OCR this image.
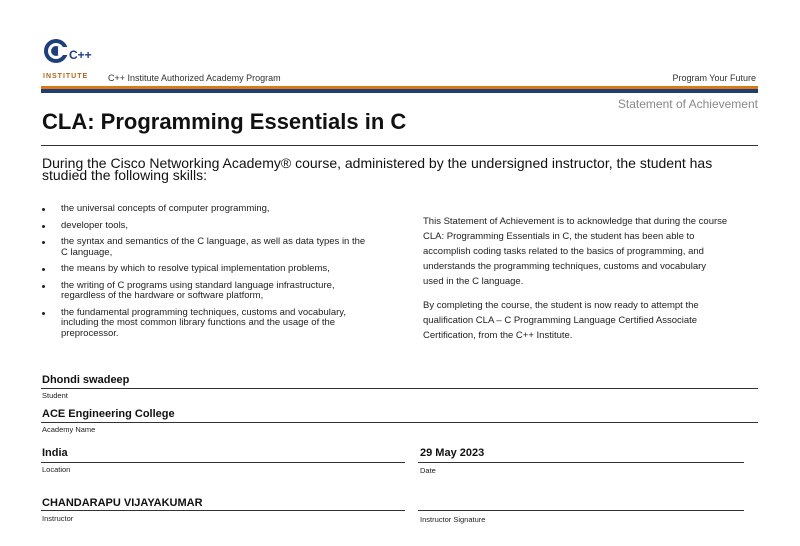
C++
INSTITUTE C++ Institute Authorized Academy Program	Program Your Future
Statement of Achievement
CLA: Programming Essentials in C
During the Cisco Networking Academy® course, administered by the undersigned instructor, the student has studied the following skills:
the universal concepts of computer programming,
developer tools,
the syntax and semantics of the C language, as well as data types in the C language,
the means by which to resolve typical implementation problems,
the writing of C programs using standard language infrastructure, regardless of the hardware or software platform,
the fundamental programming techniques, customs and vocabulary, including the most common library functions and the usage of the preprocessor.

This Statement of Achievement is to acknowledge that during the course CLA: Programming Essentials in C, the student has been able to accomplish coding tasks related to the basics of programming, and understands the programming techniques, customs and vocabulary used in the C language.

By completing the course, the student is now ready to attempt the qualification CLA – C Programming Language Certified Associate Certification, from the C++ Institute.

Dhondi swadeep
Student
ACE Engineering College
Academy Name
India
Location
29 May 2023
Date
CHANDARAPU VIJAYAKUMAR
Instructor	Instructor Signature
